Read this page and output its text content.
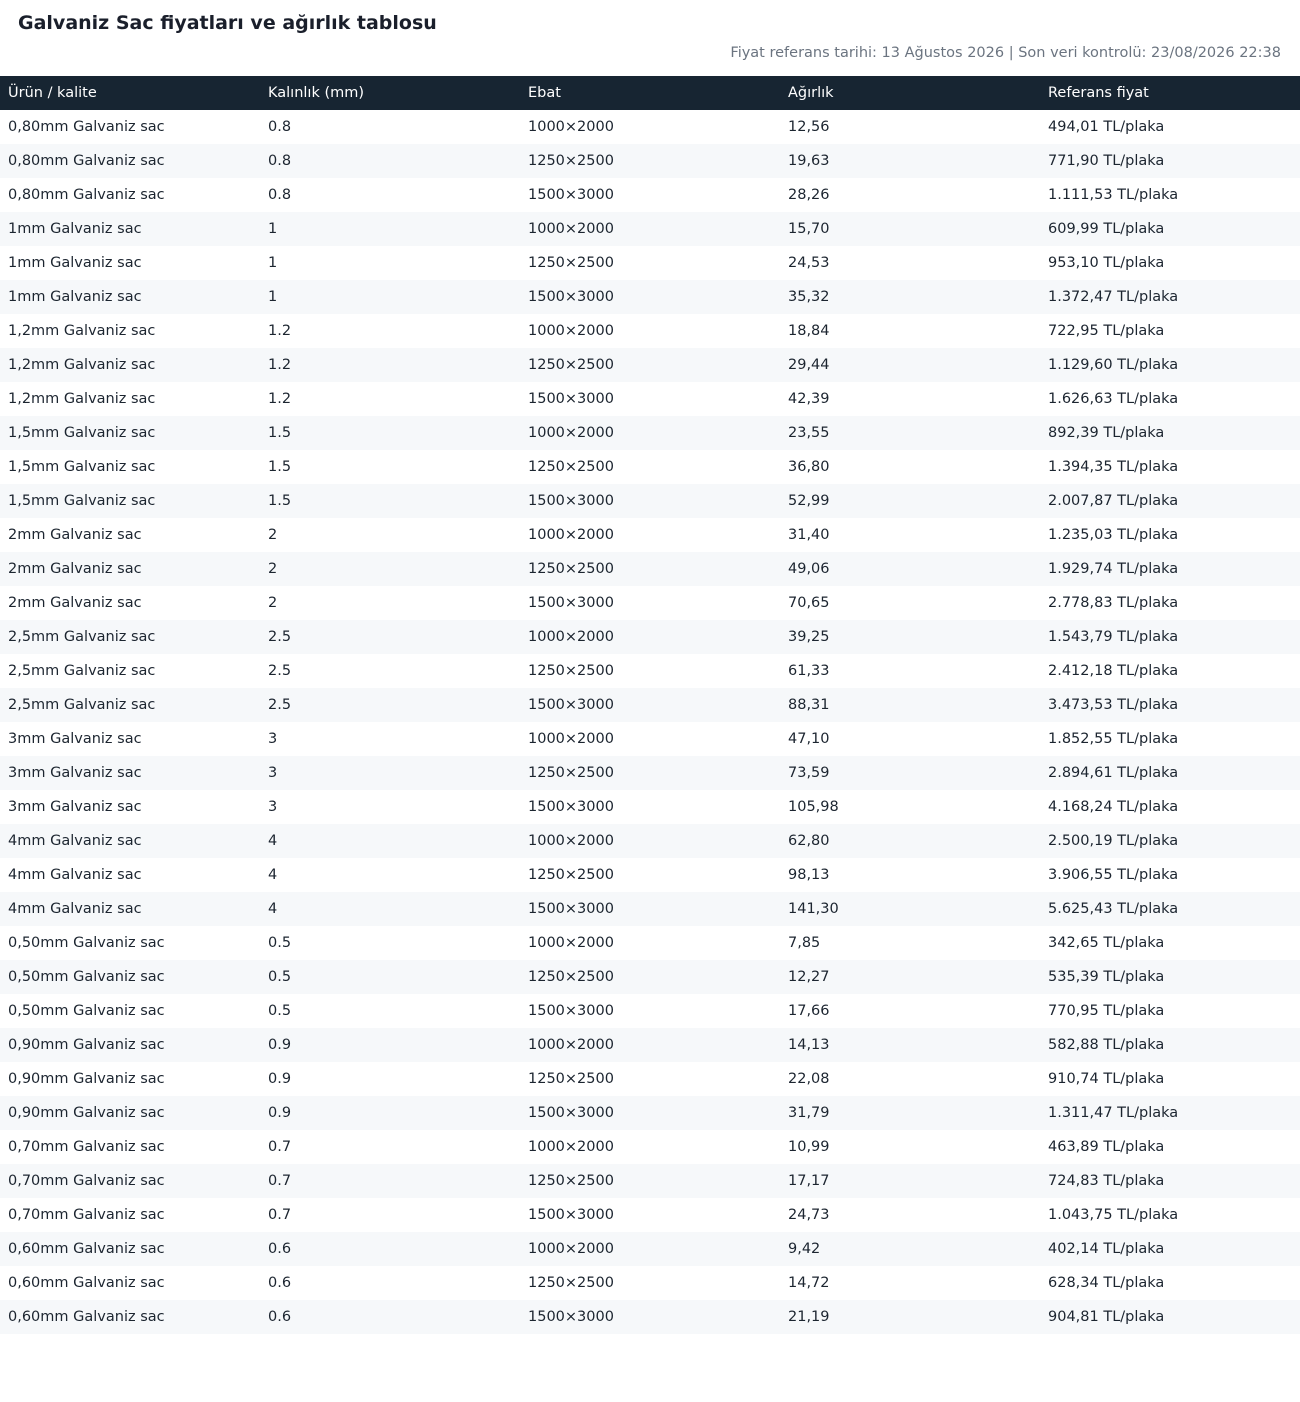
Galvaniz Sac fiyatları ve ağırlık tablosu
Fiyat referans tarihi: 13 Ağustos 2026 | Son veri kontrolü: 23/08/2026 22:38
Ürün / kalite	Kalınlık (mm)	Ebat	Ağırlık	Referans fiyat
0,80mm Galvaniz sac	0.8	1000×2000	12,56	494,01 TL/plaka
0,80mm Galvaniz sac	0.8	1250×2500	19,63	771,90 TL/plaka
0,80mm Galvaniz sac	0.8	1500×3000	28,26	1.111,53 TL/plaka
1mm Galvaniz sac	1	1000×2000	15,70	609,99 TL/plaka
1mm Galvaniz sac	1	1250×2500	24,53	953,10 TL/plaka
1mm Galvaniz sac	1	1500×3000	35,32	1.372,47 TL/plaka
1,2mm Galvaniz sac	1.2	1000×2000	18,84	722,95 TL/plaka
1,2mm Galvaniz sac	1.2	1250×2500	29,44	1.129,60 TL/plaka
1,2mm Galvaniz sac	1.2	1500×3000	42,39	1.626,63 TL/plaka
1,5mm Galvaniz sac	1.5	1000×2000	23,55	892,39 TL/plaka
1,5mm Galvaniz sac	1.5	1250×2500	36,80	1.394,35 TL/plaka
1,5mm Galvaniz sac	1.5	1500×3000	52,99	2.007,87 TL/plaka
2mm Galvaniz sac	2	1000×2000	31,40	1.235,03 TL/plaka
2mm Galvaniz sac	2	1250×2500	49,06	1.929,74 TL/plaka
2mm Galvaniz sac	2	1500×3000	70,65	2.778,83 TL/plaka
2,5mm Galvaniz sac	2.5	1000×2000	39,25	1.543,79 TL/plaka
2,5mm Galvaniz sac	2.5	1250×2500	61,33	2.412,18 TL/plaka
2,5mm Galvaniz sac	2.5	1500×3000	88,31	3.473,53 TL/plaka
3mm Galvaniz sac	3	1000×2000	47,10	1.852,55 TL/plaka
3mm Galvaniz sac	3	1250×2500	73,59	2.894,61 TL/plaka
3mm Galvaniz sac	3	1500×3000	105,98	4.168,24 TL/plaka
4mm Galvaniz sac	4	1000×2000	62,80	2.500,19 TL/plaka
4mm Galvaniz sac	4	1250×2500	98,13	3.906,55 TL/plaka
4mm Galvaniz sac	4	1500×3000	141,30	5.625,43 TL/plaka
0,50mm Galvaniz sac	0.5	1000×2000	7,85	342,65 TL/plaka
0,50mm Galvaniz sac	0.5	1250×2500	12,27	535,39 TL/plaka
0,50mm Galvaniz sac	0.5	1500×3000	17,66	770,95 TL/plaka
0,90mm Galvaniz sac	0.9	1000×2000	14,13	582,88 TL/plaka
0,90mm Galvaniz sac	0.9	1250×2500	22,08	910,74 TL/plaka
0,90mm Galvaniz sac	0.9	1500×3000	31,79	1.311,47 TL/plaka
0,70mm Galvaniz sac	0.7	1000×2000	10,99	463,89 TL/plaka
0,70mm Galvaniz sac	0.7	1250×2500	17,17	724,83 TL/plaka
0,70mm Galvaniz sac	0.7	1500×3000	24,73	1.043,75 TL/plaka
0,60mm Galvaniz sac	0.6	1000×2000	9,42	402,14 TL/plaka
0,60mm Galvaniz sac	0.6	1250×2500	14,72	628,34 TL/plaka
0,60mm Galvaniz sac	0.6	1500×3000	21,19	904,81 TL/plaka
